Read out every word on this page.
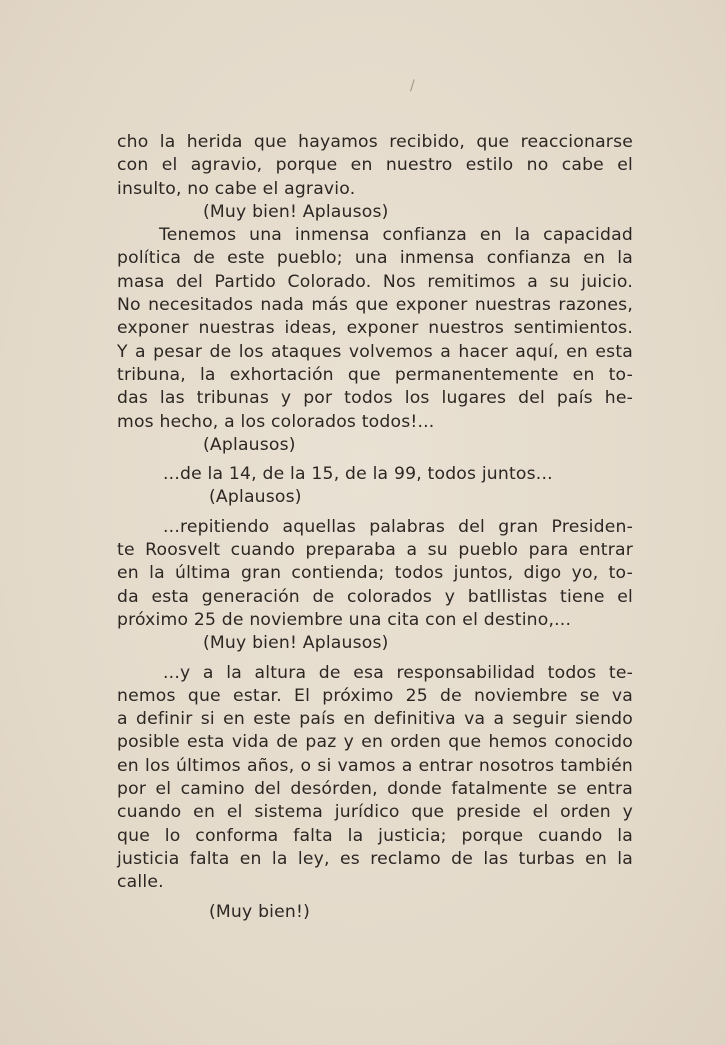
/
cho la herida que hayamos recibido, que reaccionarse
con el agravio, porque en nuestro estilo no cabe el
insulto, no cabe el agravio.
(Muy bien! Aplausos)
Tenemos una inmensa confianza en la capacidad
política de este pueblo; una inmensa confianza en la
masa del Partido Colorado. Nos remitimos a su juicio.
No necesitados nada más que exponer nuestras razones,
exponer nuestras ideas, exponer nuestros sentimientos.
Y a pesar de los ataques volvemos a hacer aquí, en esta
tribuna, la exhortación que permanentemente en to-
das las tribunas y por todos los lugares del país he-
mos hecho, a los colorados todos!...
(Aplausos)
...de la 14, de la 15, de la 99, todos juntos...
(Aplausos)
...repitiendo aquellas palabras del gran Presiden-
te Roosvelt cuando preparaba a su pueblo para entrar
en la última gran contienda; todos juntos, digo yo, to-
da esta generación de colorados y batllistas tiene el
próximo 25 de noviembre una cita con el destino,...
(Muy bien! Aplausos)
...y a la altura de esa responsabilidad todos te-
nemos que estar. El próximo 25 de noviembre se va
a definir si en este país en definitiva va a seguir siendo
posible esta vida de paz y en orden que hemos conocido
en los últimos años, o si vamos a entrar nosotros también
por el camino del desórden, donde fatalmente se entra
cuando en el sistema jurídico que preside el orden y
que lo conforma falta la justicia; porque cuando la
justicia falta en la ley, es reclamo de las turbas en la
calle.
(Muy bien!)
